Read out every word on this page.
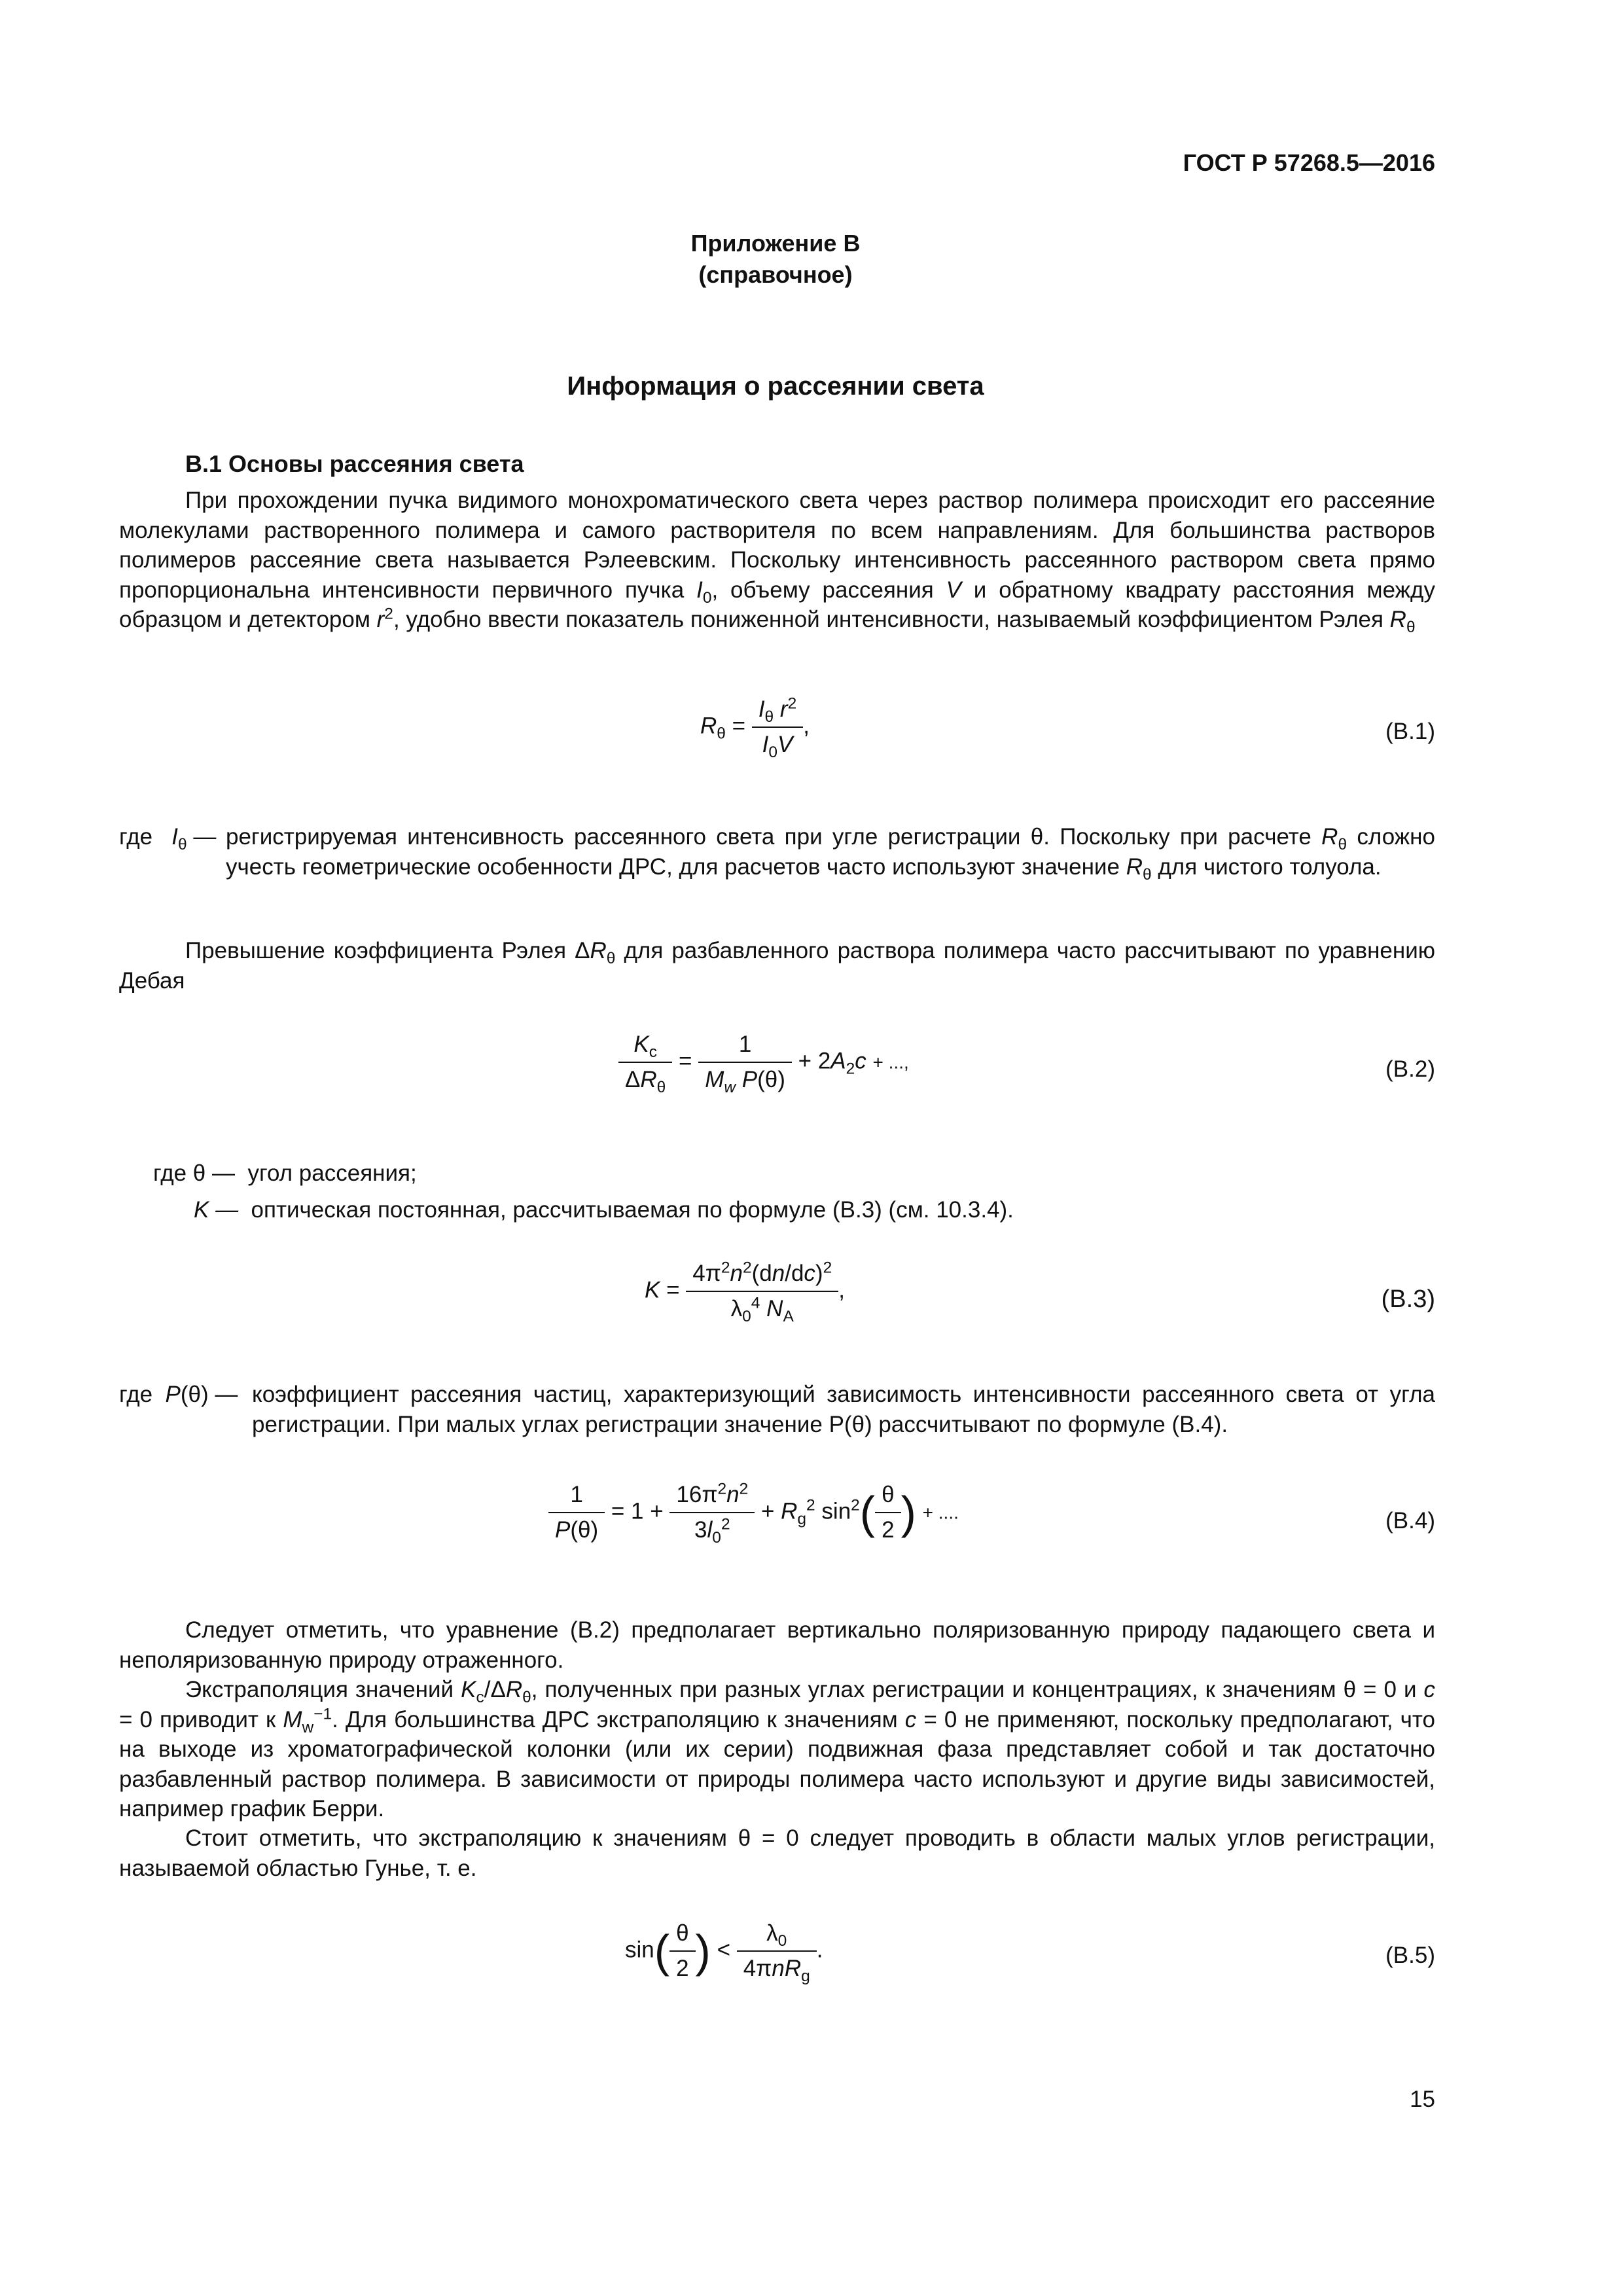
ГОСТ Р 57268.5—2016
Приложение В
(справочное)
Информация о рассеянии света
В.1 Основы рассеяния света
При прохождении пучка видимого монохроматического света через раствор полимера происходит его рассеяние молекулами растворенного полимера и самого растворителя по всем направлениям. Для большинства растворов полимеров рассеяние света называется Рэлеевским. Поскольку интенсивность рассеянного раствором света прямо пропорциональна интенсивности первичного пучка $I_0$, объему рассеяния V и обратному квадрату расстояния между образцом и детектором $r^2$, удобно ввести показатель пониженной интенсивности, называемый коэффициентом Рэлея $R_\theta$
$R_\theta = \frac{I_\theta r^2}{I_0V}$ ,	(В.1)
где $I_\theta$ — регистрируемая интенсивность рассеянного света при угле регистрации θ. Поскольку при расчете $R_\theta$ сложно учесть геометрические особенности ДРС, для расчетов часто используют значение $R_\theta$ для чистого толуола.
Превышение коэффициента Рэлея $\Delta R_\theta$ для разбавленного раствора полимера часто рассчитывают по уравнению Дебая
$\frac{K_c}{\Delta R_\theta} = \frac{1}{M_w P(\theta)} + 2A_2c$ + ...,	(В.2)
где θ — угол рассеяния;
K — оптическая постоянная, рассчитываемая по формуле (В.3) (см. 10.3.4).
$K = \frac{4\pi^2n^2(dn/dc)^2}{\lambda_0^4 N_A}$ ,	(В.3)
где P(θ) — коэффициент рассеяния частиц, характеризующий зависимость интенсивности рассеянного света от угла регистрации. При малых углах регистрации значение P(θ) рассчитывают по формуле (В.4).
$\frac{1}{P(\theta)} = 1 + \frac{16\pi^2n^2}{3l_0^2} + R_g^2$ $\sin^2( \frac{\theta}{2}$ ) + ....	(В.4)
Следует отметить, что уравнение (В.2) предполагает вертикально поляризованную природу падающего света и неполяризованную природу отраженного.
Экстраполяция значений $K_c/\Delta R_\theta$, полученных при разных углах регистрации и концентрациях, к значениям θ = 0 и c = 0 приводит к $M_w^{-1}$. Для большинства ДРС экстраполяцию к значениям c = 0 не применяют, поскольку предполагают, что на выходе из хроматографической колонки (или их серии) подвижная фаза представляет собой и так достаточно разбавленный раствор полимера. В зависимости от природы полимера часто используют и другие виды зависимостей, например график Берри.
Стоит отметить, что экстраполяцию к значениям θ = 0 следует проводить в области малых углов регистрации, называемой областью Гунье, т. е.
$\sin( \frac{\theta}{2}$ ) < $\frac{\lambda_0}{4\pi nR_g}$ .	(В.5)
15
